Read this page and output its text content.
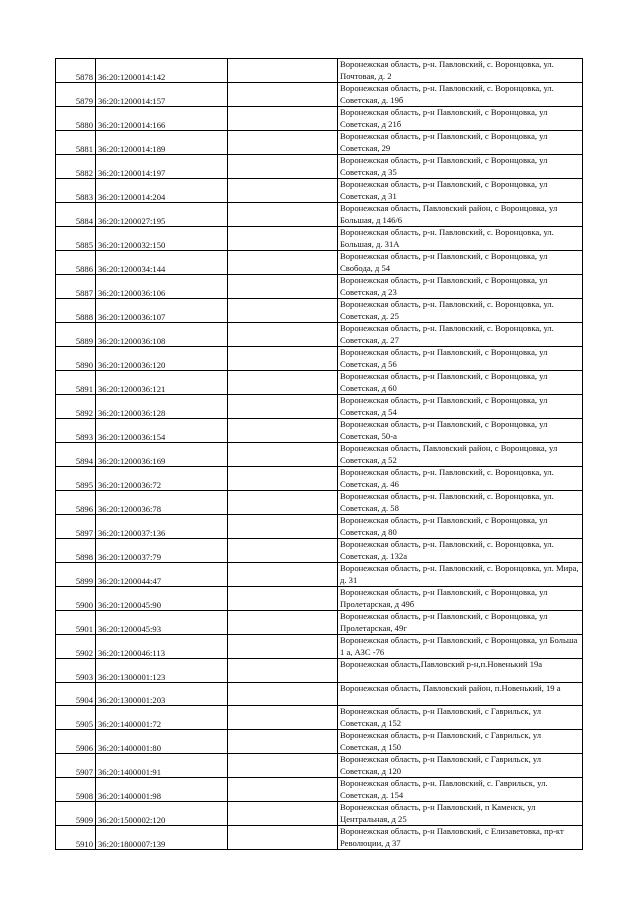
5878	36:20:1200014:142		Воронежская область, р-н. Павловский, с. Воронцовка, ул. Почтовая, д. 2
5879	36:20:1200014:157		Воронежская область, р-н. Павловский, с. Воронцовка, ул. Советская, д. 19б
5880	36:20:1200014:166		Воронежская область, р-н Павловский, с Воронцовка, ул Советская, д 21б
5881	36:20:1200014:189		Воронежская область, р-н Павловский, с Воронцовка, ул Советская, 29
5882	36:20:1200014:197		Воронежская область, р-н Павловский, с Воронцовка, ул Советская, д 35
5883	36:20:1200014:204		Воронежская область, р-н Павловский, с Воронцовка, ул Советская, д 31
5884	36:20:1200027:195		Воронежская область, Павловский район, с Воронцовка, ул Большая, д 146/6
5885	36:20:1200032:150		Воронежская область, р-н. Павловский, с. Воронцовка, ул. Большая, д. 31А
5886	36:20:1200034:144		Воронежская область, р-н Павловский, с Воронцовка, ул Свобода, д 54
5887	36:20:1200036:106		Воронежская область, р-н Павловский, с Воронцовка, ул Советская, д 23
5888	36:20:1200036:107		Воронежская область, р-н. Павловский, с. Воронцовка, ул. Советская, д. 25
5889	36:20:1200036:108		Воронежская область, р-н. Павловский, с. Воронцовка, ул. Советская, д. 27
5890	36:20:1200036:120		Воронежская область, р-н Павловский, с Воронцовка, ул Советская, д 56
5891	36:20:1200036:121		Воронежская область, р-н Павловский, с Воронцовка, ул Советская, д 60
5892	36:20:1200036:128		Воронежская область, р-н Павловский, с Воронцовка, ул Советская, д 54
5893	36:20:1200036:154		Воронежская область, р-н Павловский, с Воронцовка, ул Советская, 50-а
5894	36:20:1200036:169		Воронежская область, Павловский район, с Воронцовка, ул Советская, д 52
5895	36:20:1200036:72		Воронежская область, р-н. Павловский, с. Воронцовка, ул. Советская, д. 46
5896	36:20:1200036:78		Воронежская область, р-н. Павловский, с. Воронцовка, ул. Советская, д. 58
5897	36:20:1200037:136		Воронежская область, р-н Павловский, с Воронцовка, ул Советская, д 80
5898	36:20:1200037:79		Воронежская область, р-н. Павловский, с. Воронцовка, ул. Советская, д. 132а
5899	36:20:1200044:47		Воронежская область, р-н. Павловский, с. Воронцовка, ул. Мира, д. 31
5900	36:20:1200045:90		Воронежская область, р-н Павловский, с Воронцовка, ул Пролетарская, д 49б
5901	36:20:1200045:93		Воронежская область, р-н Павловский, с Воронцовка, ул Пролетарская, 49г
5902	36:20:1200046:113		Воронежская область, р-н Павловский, с Воронцовка, ул Больша 1 а, АЗС -76
5903	36:20:1300001:123		Воронежская область,Павловский р-н,п.Новенький 19а
5904	36:20:1300001:203		Воронежская область, Павловский район, п.Новенький, 19 а
5905	36:20:1400001:72		Воронежская область, р-н Павловский, с Гаврильск, ул Советская, д 152
5906	36:20:1400001:80		Воронежская область, р-н Павловский, с Гаврильск, ул Советская, д 150
5907	36:20:1400001:91		Воронежская область, р-н Павловский, с Гаврильск, ул Советская, д 120
5908	36:20:1400001:98		Воронежская область, р-н. Павловский, с. Гаврильск, ул. Советская, д. 154
5909	36:20:1500002:120		Воронежская область, р-н Павловский, п Каменск, ул Центральная, д 25
5910	36:20:1800007:139		Воронежская область, р-н Павловский, с Елизаветовка, пр-кт Революции, д 37
